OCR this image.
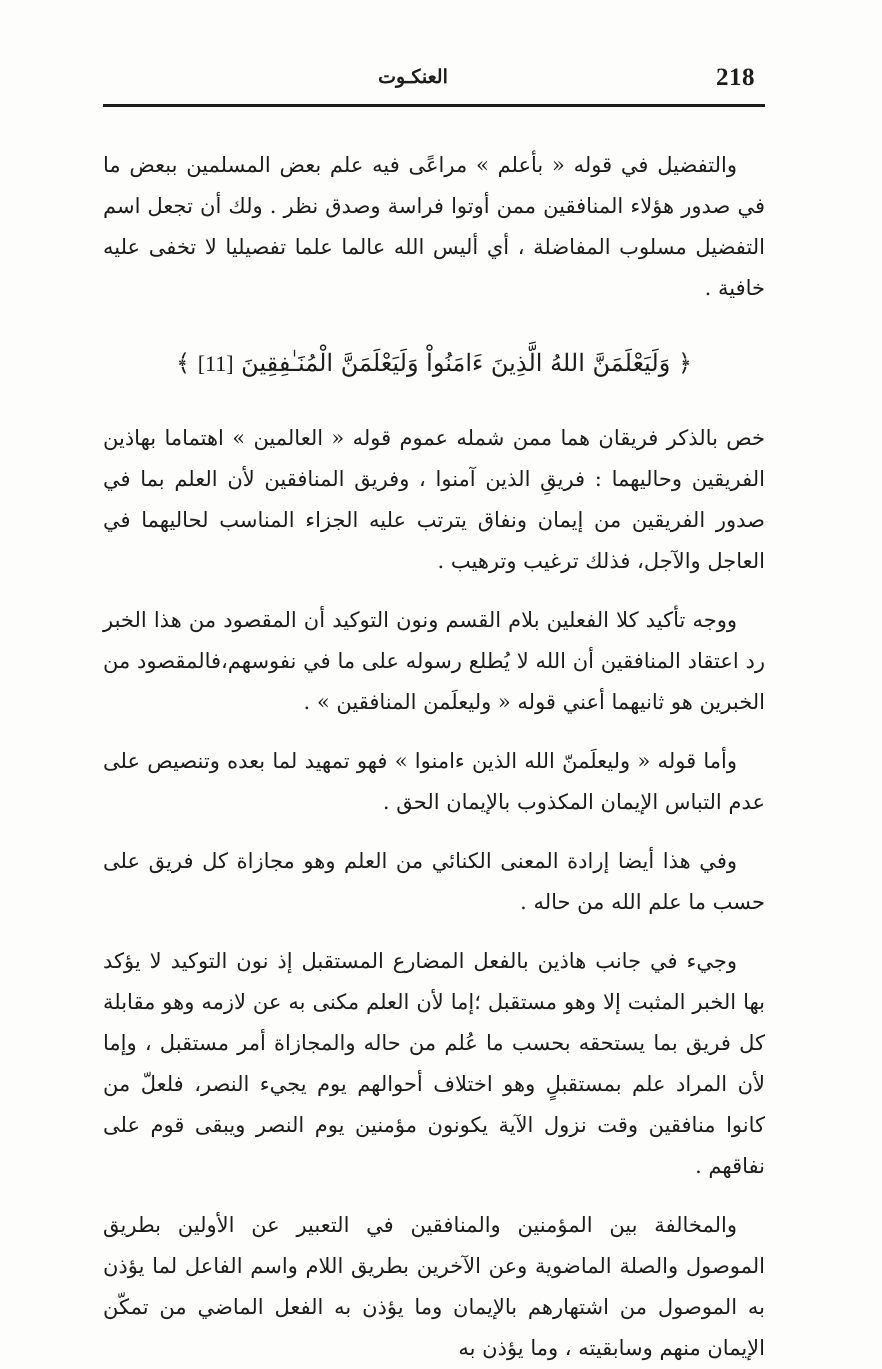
العنكـوت	218

والتفضيل في قوله « بأعلم » مراعًى فيه علم بعض المسلمين ببعض ما في صدور هؤلاء المنافقين ممن أوتوا فراسة وصدق نظر . ولك أن تجعل اسم التفضيل مسلوب المفاضلة ، أي أليس الله عالما علما تفصيليا لا تخفى عليه خافية .

﴿ وَلَيَعْلَمَنَّ اللهُ الَّذِينَ ءَامَنُواْ وَلَيَعْلَمَنَّ الْمُنَـٰفِقِينَ [11] ﴾

خص بالذكر فريقان هما ممن شمله عموم قوله « العالمين » اهتماما بهاذين الفريقين وحاليهما : فريقِ الذين آمنوا ، وفريق المنافقين لأن العلم بما في صدور الفريقين من إيمان ونفاق يترتب عليه الجزاء المناسب لحاليهما في العاجل والآجل، فذلك ترغيب وترهيب .

ووجه تأكيد كلا الفعلين بلام القسم ونون التوكيد أن المقصود من هذا الخبر رد اعتقاد المنافقين أن الله لا يُطلع رسوله على ما في نفوسهم،فالمقصود من الخبرين هو ثانيهما أعني قوله « وليعلَمن المنافقين » .

وأما قوله « وليعلَمنّ الله الذين ءامنوا » فهو تمهيد لما بعده وتنصيص على عدم التباس الإيمان المكذوب بالإيمان الحق .

وفي هذا أيضا إرادة المعنى الكنائي من العلم وهو مجازاة كل فريق على حسب ما علم الله من حاله .

وجيء في جانب هاذين بالفعل المضارع المستقبل إذ نون التوكيد لا يؤكد بها الخبر المثبت إلا وهو مستقبل ؛إما لأن العلم مكنى به عن لازمه وهو مقابلة كل فريق بما يستحقه بحسب ما عُلم من حاله والمجازاة أمر مستقبل ، وإما لأن المراد علم بمستقبلٍ وهو اختلاف أحوالهم يوم يجيء النصر، فلعلّ من كانوا منافقين وقت نزول الآية يكونون مؤمنين يوم النصر ويبقى قوم على نفاقهم .

والمخالفة بين المؤمنين والمنافقين في التعبير عن الأولين بطريق الموصول والصلة الماضوية وعن الآخرين بطريق اللام واسم الفاعل لما يؤذن به الموصول من اشتهارهم بالإيمان وما يؤذن به الفعل الماضي من تمكّن الإيمان منهم وسابقيته ، وما يؤذن به
